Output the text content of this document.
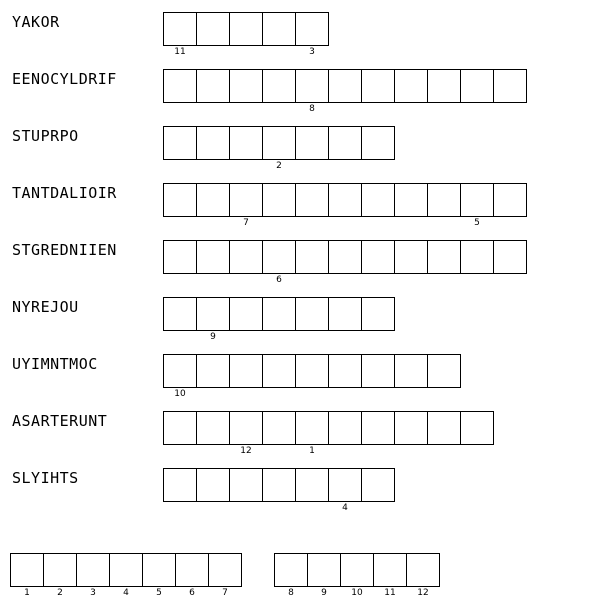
YAKOR
11	3
EENOCYLDRIF
8
STUPRPO
2
TANTDALIOIR
7	5
STGREDNIIEN
6
NYREJOU
9
UYIMNTMOC
10
ASARTERUNT
12	1
SLYIHTS
4
1	2	3	4	5	6	7	8	9	10	11	12
